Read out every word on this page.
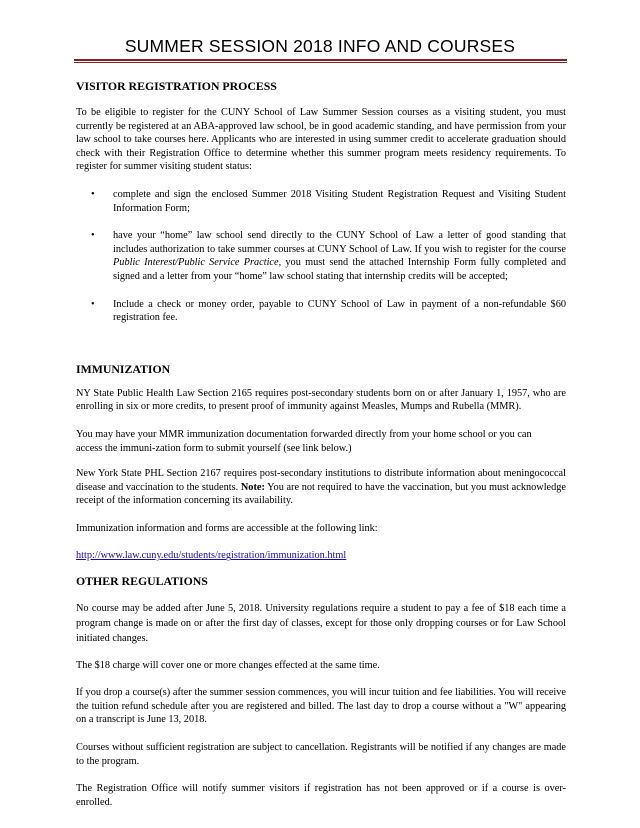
SUMMER SESSION 2018 INFO AND COURSES
VISITOR REGISTRATION PROCESS

To be eligible to register for the CUNY School of Law Summer Session courses as a visiting student, you must currently be registered at an ABA-approved law school, be in good academic standing, and have permission from your law school to take courses here. Applicants who are interested in using summer credit to accelerate graduation should check with their Registration Office to determine whether this summer program meets residency requirements. To register for summer visiting student status:

• complete and sign the enclosed Summer 2018 Visiting Student Registration Request and Visiting Student Information Form;
• have your “home” law school send directly to the CUNY School of Law a letter of good standing that includes authorization to take summer courses at CUNY School of Law. If you wish to register for the course Public Interest/Public Service Practice, you must send the attached Internship Form fully completed and signed and a letter from your “home” law school stating that internship credits will be accepted;
• Include a check or money order, payable to CUNY School of Law in payment of a non-refundable $60 registration fee.
IMMUNIZATION

NY State Public Health Law Section 2165 requires post-secondary students born on or after January 1, 1957, who are enrolling in six or more credits, to present proof of immunity against Measles, Mumps and Rubella (MMR).

You may have your MMR immunization documentation forwarded directly from your home school or you can
access the immuni-zation form to submit yourself (see link below.)

New York State PHL Section 2167 requires post-secondary institutions to distribute information about meningococcal disease and vaccination to the students. Note: You are not required to have the vaccination, but you must acknowledge receipt of the information concerning its availability.

Immunization information and forms are accessible at the following link:

http://www.law.cuny.edu/students/registration/immunization.html

OTHER REGULATIONS

No course may be added after June 5, 2018. University regulations require a student to pay a fee of $18 each time a program change is made on or after the first day of classes, except for those only dropping courses or for Law School initiated changes.

The $18 charge will cover one or more changes effected at the same time.

If you drop a course(s) after the summer session commences, you will incur tuition and fee liabilities. You will receive the tuition refund schedule after you are registered and billed. The last day to drop a course without a "W" appearing on a transcript is June 13, 2018.

Courses without sufficient registration are subject to cancellation. Registrants will be notified if any changes are made to the program.

The Registration Office will notify summer visitors if registration has not been approved or if a course is over-enrolled.
